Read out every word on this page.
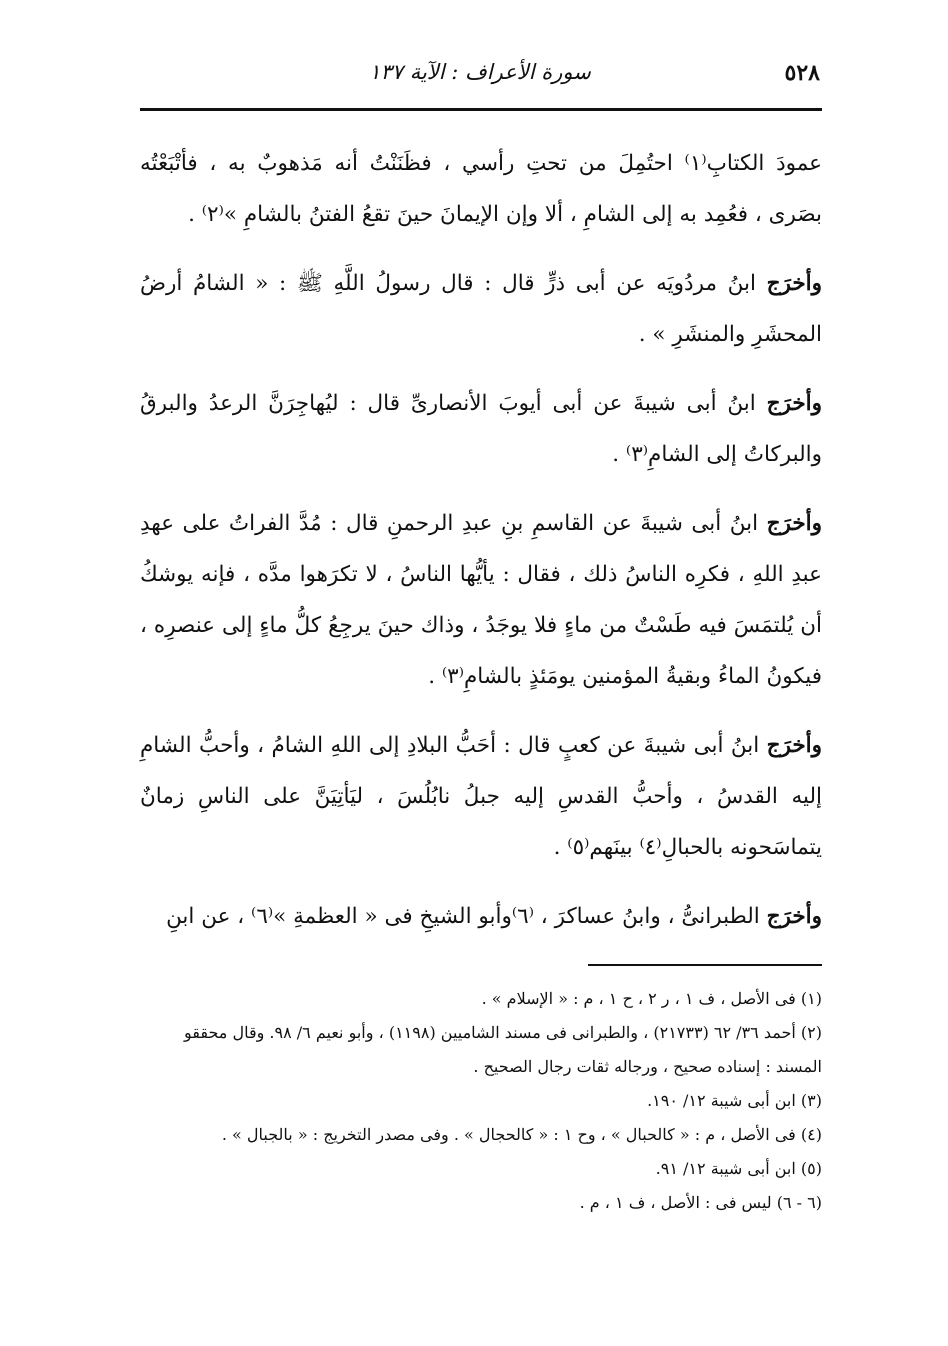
٥٢٨
سورة الأعراف : الآية ١٣٧

عمودَ الكتابِ⁽١⁾ احتُمِلَ من تحتِ رأسي ، فظَنَنْتُ أنه مَذهوبٌ به ، فأتْبَعْتُه بصَرى ، فعُمِد به إلى الشامِ ، ألا وإن الإيمانَ حينَ تقعُ الفتنُ بالشامِ »⁽٢⁾ .

وأخرَج ابنُ مردُويَه عن أبى ذرٍّ قال : قال رسولُ اللَّهِ ﷺ : « الشامُ أرضُ المحشَرِ والمنشَرِ » .

وأخرَج ابنُ أبى شيبةَ عن أبى أيوبَ الأنصارىِّ قال : ليُهاجِرَنَّ الرعدُ والبرقُ والبركاتُ إلى الشامِ⁽٣⁾ .

وأخرَج ابنُ أبى شيبةَ عن القاسمِ بنِ عبدِ الرحمنِ قال : مُدَّ الفراتُ على عهدِ عبدِ اللهِ ، فكرِه الناسُ ذلك ، فقال : يأيُّها الناسُ ، لا تكرَهوا مدَّه ، فإنه يوشكُ أن يُلتمَسَ فيه طَسْتٌ من ماءٍ فلا يوجَدُ ، وذاك حينَ يرجِعُ كلُّ ماءٍ إلى عنصرِه ، فيكونُ الماءُ وبقيةُ المؤمنين يومَئذٍ بالشامِ⁽٣⁾ .

وأخرَج ابنُ أبى شيبةَ عن كعبٍ قال : أحَبُّ البلادِ إلى اللهِ الشامُ ، وأحبُّ الشامِ إليه القدسُ ، وأحبُّ القدسِ إليه جبلُ نابُلُسَ ، ليَأتِيَنَّ على الناسِ زمانٌ يتماسَحونه بالحبالِ⁽٤⁾ بينَهم⁽٥⁾ .

وأخرَج الطبرانىُّ ، وابنُ عساكرَ ، ⁽٦⁾وأبو الشيخِ فى « العظمةِ »⁽٦⁾ ، عن ابنِ

(١) فى الأصل ، ف ١ ، ر ٢ ، ح ١ ، م : « الإسلام » .

(٢) أحمد ٣٦/ ٦٢ (٢١٧٣٣) ، والطبرانى فى مسند الشاميين (١١٩٨) ، وأبو نعيم ٦/ ٩٨. وقال محققو المسند : إسناده صحيح ، ورجاله ثقات رجال الصحيح .

(٣) ابن أبى شيبة ١٢/ ١٩٠.

(٤) فى الأصل ، م : « كالحبال » ، وح ١ : « كالحجال » . وفى مصدر التخريج : « بالجبال » .

(٥) ابن أبى شيبة ١٢/ ٩١.

(٦ - ٦) ليس فى : الأصل ، ف ١ ، م .
